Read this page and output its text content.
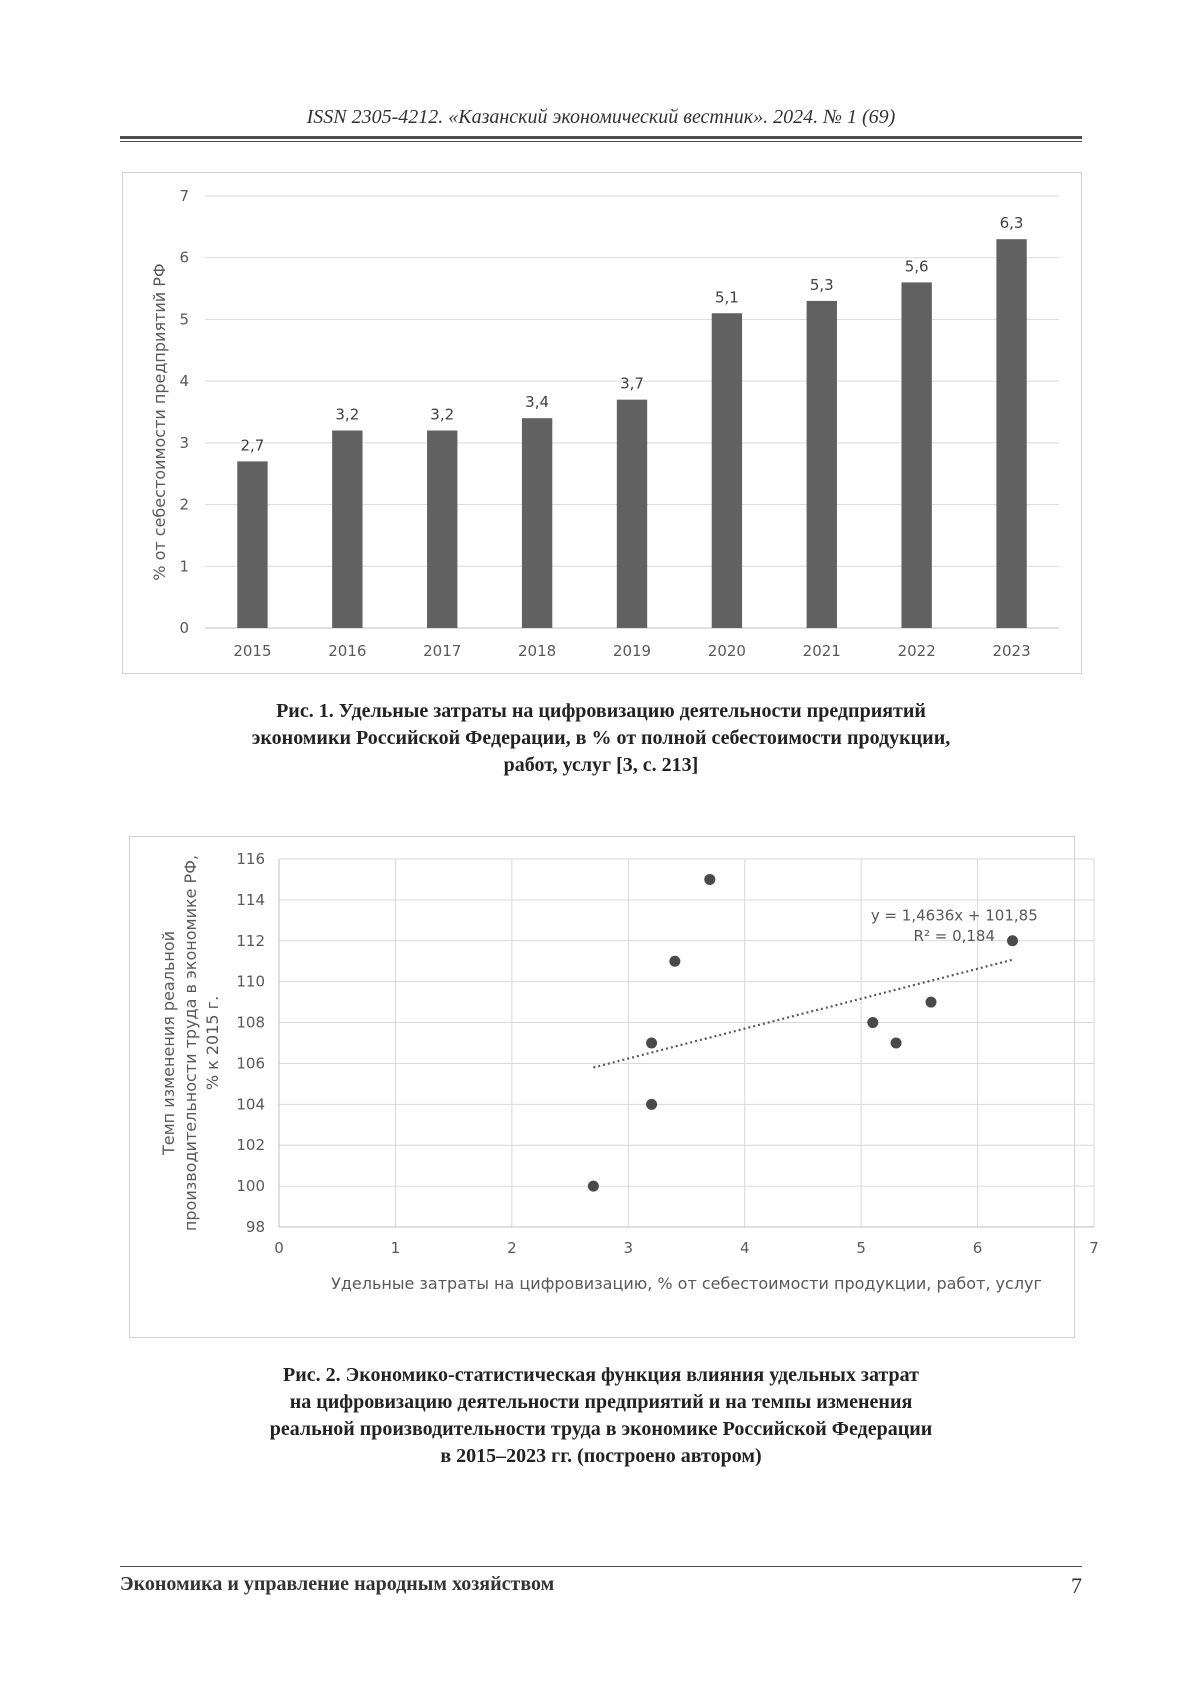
ISSN 2305-4212. «Казанский экономический вестник». 2024. № 1 (69)
0
1
2
3
4
5
6
7
2,7
2015
3,2
2016
3,2
2017
3,4
2018
3,7
2019
5,1
2020
5,3
2021
5,6
2022
6,3
2023
% от себестоимости предприятий РФ
Рис. 1. Удельные затраты на цифровизацию деятельности предприятий
экономики Российской Федерации, в % от полной себестоимости продукции,
работ, услуг [3, с. 213]
98
100
102
104
106
108
110
112
114
116
0	1	2	3	4	5	6	7
y = 1,4636x + 101,85
R² = 0,184
Удельные затраты на цифровизацию, % от себестоимости продукции, работ, услуг
Темп изменения реальной производительности труда в экономике РФ, % к 2015 г.
Рис. 2. Экономико-статистическая функция влияния удельных затрат
на цифровизацию деятельности предприятий и на темпы изменения
реальной производительности труда в экономике Российской Федерации
в 2015–2023 гг. (построено автором)
Экономика и управление народным хозяйством	7
